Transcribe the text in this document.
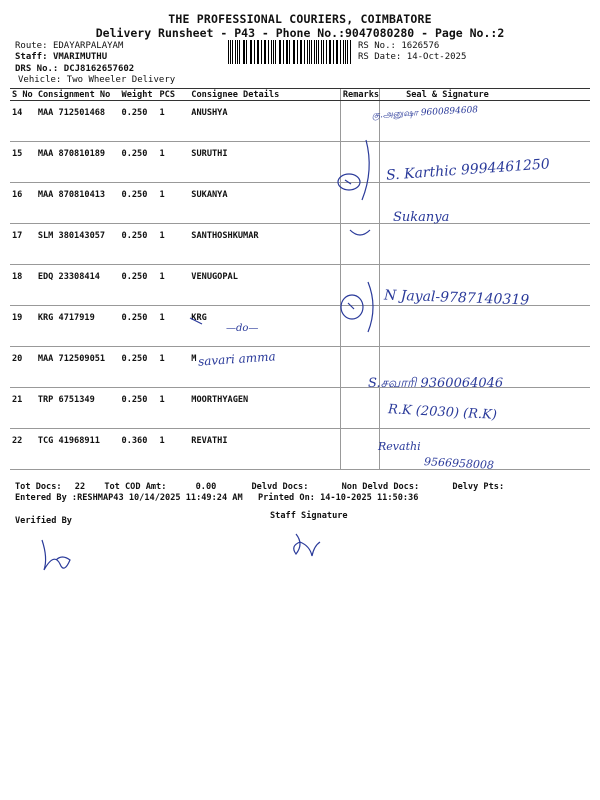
THE PROFESSIONAL COURIERS, COIMBATORE
Delivery Runsheet - P43 - Phone No.:9047080280 - Page No.:2
Route: EDAYARPALAYAM
Staff: VMARIMUTHU
DRS No.: DCJ8162657602
Vehicle: Two Wheeler Delivery
RS No.: 1626576
RS Date: 14-Oct-2025
S No	Consignment No	Weight	PCS	Consignee Details	Remarks	Seal & Signature
14	MAA 712501468	0.250	1	ANUSHYA		
15	MAA 870810189	0.250	1	SURUTHI		
16	MAA 870810413	0.250	1	SUKANYA		
17	SLM 380143057	0.250	1	SANTHOSHKUMAR		
18	EDQ 23308414	0.250	1	VENUGOPAL		
19	KRG 4717919	0.250	1	KRG		
20	MAA 712509051	0.250	1	M		
21	TRP 6751349	0.250	1	MOORTHYAGEN		
22	TCG 41968911	0.360	1	REVATHI		
கு.அனுஷா 9600894608
S. Karthic 9994461250
Sukanya
N Jayal-9787140319
—do—
savari amma
S.சவாரி 9360064046
R.K (2030) (R.K)
Revathi
9566958008
Tot Docs: 22 Tot COD Amt:	0.00	Delvd Docs:	Non Delvd Docs:	Delvy Pts:
Entered By :RESHMAP43 10/14/2025 11:49:24 AM Printed On: 14-10-2025 11:50:36
Verified By	Staff Signature
